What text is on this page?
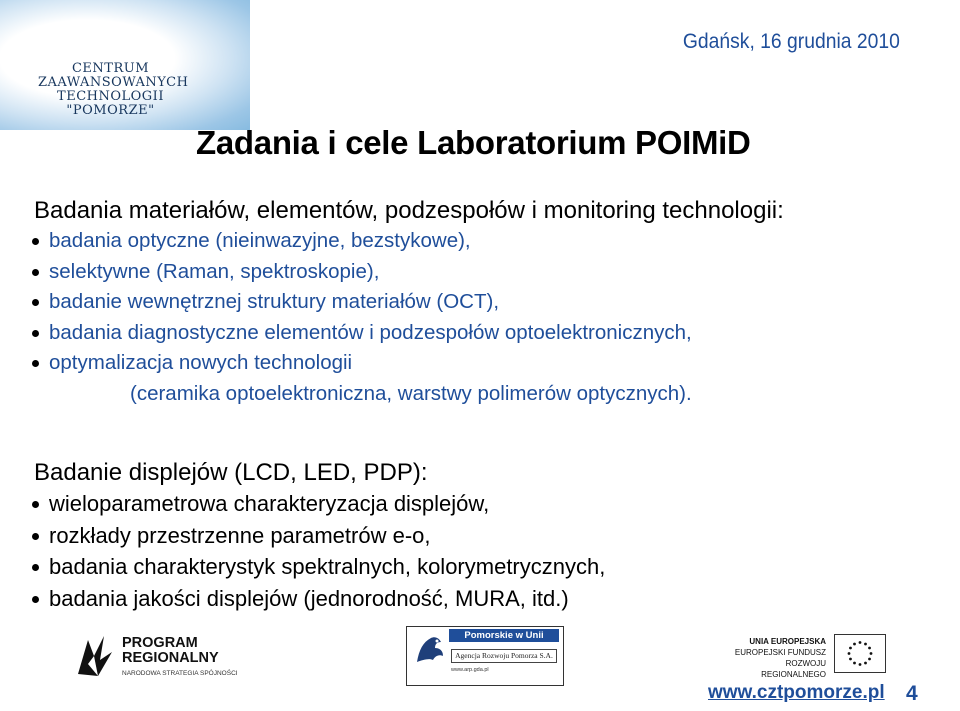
CENTRUM
ZAAWANSOWANYCH
TECHNOLOGII
"POMORZE"
Gdańsk, 16 grudnia 2010
Zadania i cele Laboratorium POIMiD
Badania materiałów, elementów, podzespołów i monitoring technologii:
badania optyczne (nieinwazyjne, bezstykowe),
selektywne (Raman, spektroskopie),
badanie wewnętrznej struktury materiałów (OCT),
badania diagnostyczne elementów i podzespołów optoelektronicznych,
optymalizacja nowych technologii
(ceramika optoelektroniczna, warstwy polimerów optycznych).
Badanie displejów (LCD, LED, PDP):
wieloparametrowa charakteryzacja displejów,
rozkłady przestrzenne parametrów e-o,
badania charakterystyk spektralnych, kolorymetrycznych,
badania jakości displejów (jednorodność, MURA, itd.)
PROGRAM
REGIONALNY
NARODOWA STRATEGIA SPÓJNOŚCI
Pomorskie w Unii
Agencja Rozwoju Pomorza S.A.
www.arp.gda.pl
UNIA EUROPEJSKA
EUROPEJSKI FUNDUSZ
ROZWOJU REGIONALNEGO
www.cztpomorze.pl 4
